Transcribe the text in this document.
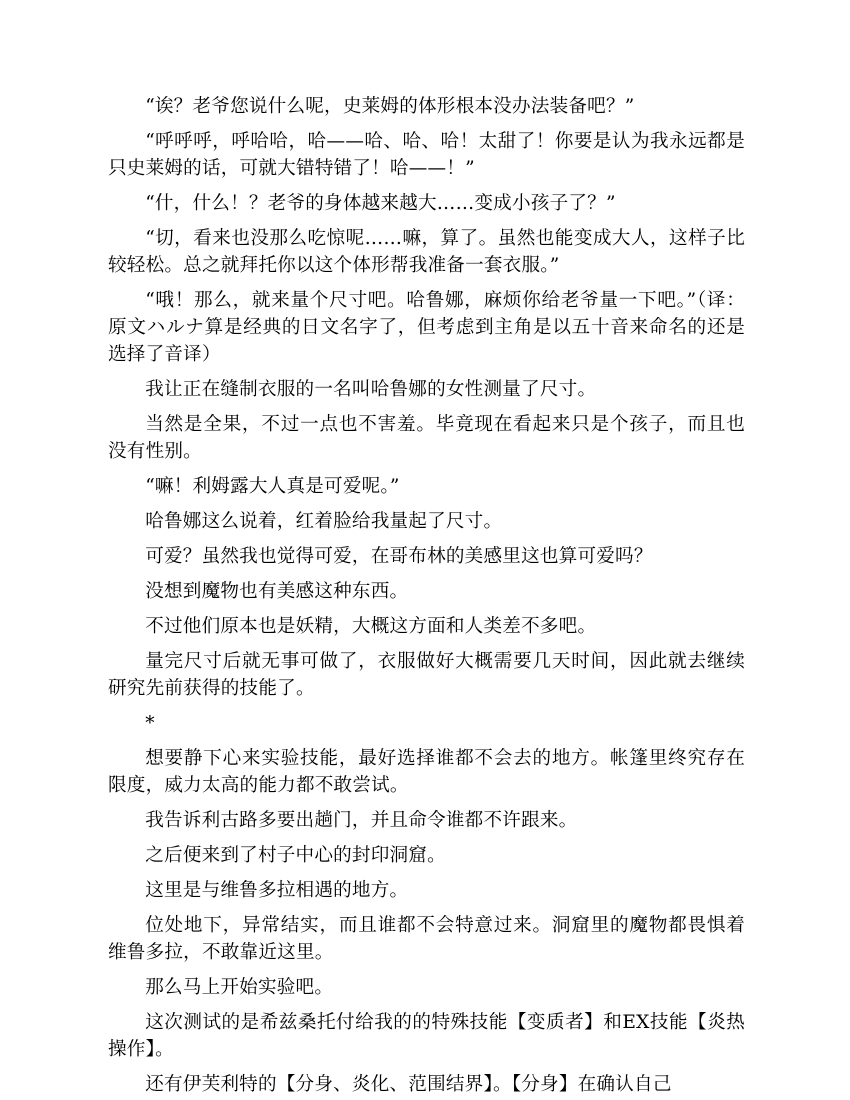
“诶？老爷您说什么呢，史莱姆的体形根本没办法装备吧？”

“呼呼呼，呼哈哈，哈——哈、哈、哈！太甜了！你要是认为我永远都是只史莱姆的话，可就大错特错了！哈——！”

“什，什么！？老爷的身体越来越大……变成小孩子了？”

“切，看来也没那么吃惊呢……嘛，算了。虽然也能变成大人，这样子比较轻松。总之就拜托你以这个体形帮我准备一套衣服。”

“哦！那么，就来量个尺寸吧。哈鲁娜，麻烦你给老爷量一下吧。”（译：原文ハルナ算是经典的日文名字了，但考虑到主角是以五十音来命名的还是选择了音译）

我让正在缝制衣服的一名叫哈鲁娜的女性测量了尺寸。

当然是全果，不过一点也不害羞。毕竟现在看起来只是个孩子，而且也没有性别。

“嘛！利姆露大人真是可爱呢。”

哈鲁娜这么说着，红着脸给我量起了尺寸。

可爱？虽然我也觉得可爱，在哥布林的美感里这也算可爱吗？

没想到魔物也有美感这种东西。

不过他们原本也是妖精，大概这方面和人类差不多吧。

量完尺寸后就无事可做了，衣服做好大概需要几天时间，因此就去继续研究先前获得的技能了。

*

想要静下心来实验技能，最好选择谁都不会去的地方。帐篷里终究存在限度，威力太高的能力都不敢尝试。

我告诉利古路多要出趟门，并且命令谁都不许跟来。

之后便来到了村子中心的封印洞窟。

这里是与维鲁多拉相遇的地方。

位处地下，异常结实，而且谁都不会特意过来。洞窟里的魔物都畏惧着维鲁多拉，不敢靠近这里。

那么马上开始实验吧。

这次测试的是希兹桑托付给我的的特殊技能【变质者】和EX技能【炎热操作】。

还有伊芙利特的【分身、炎化、范围结界】。【分身】在确认自己
